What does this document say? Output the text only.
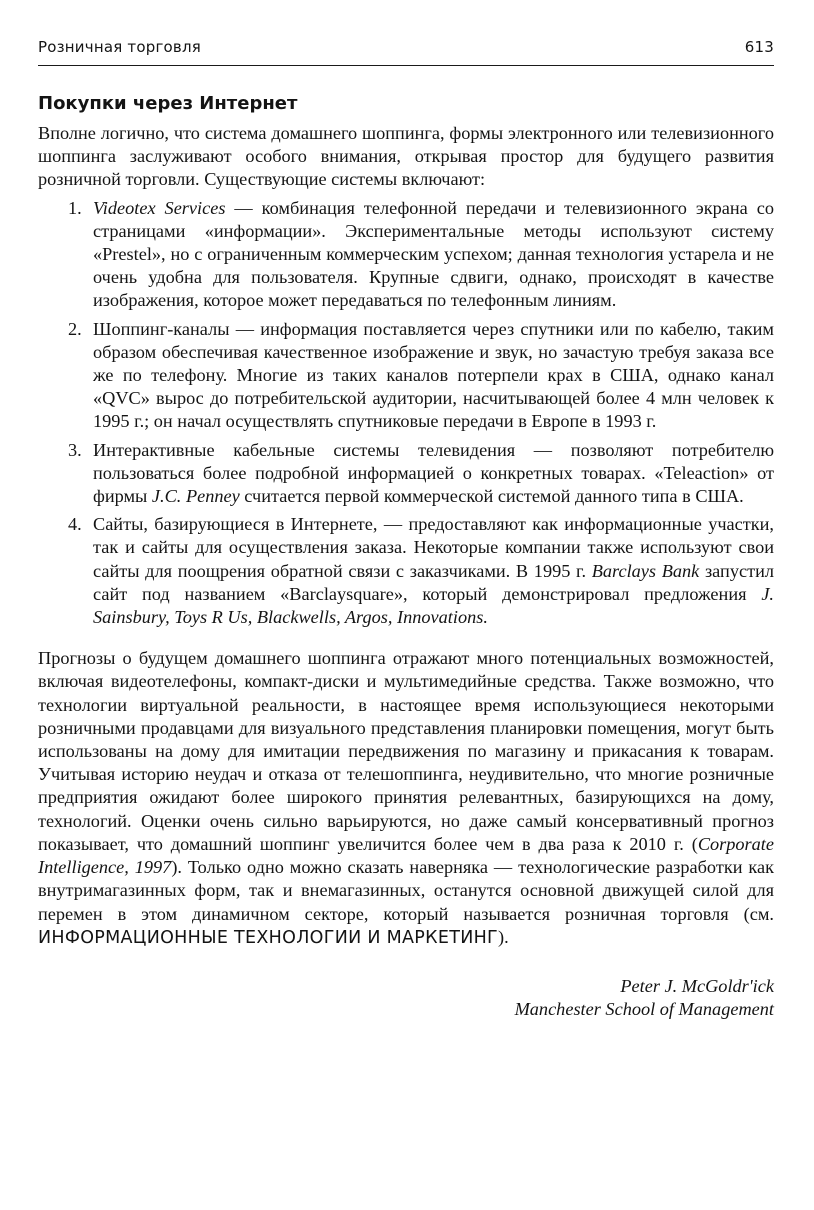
Розничная торговля	613
Покупки через Интернет

Вполне логично, что система домашнего шоппинга, формы электронного или телевизионного шоппинга заслуживают особого внимания, открывая простор для будущего развития розничной торговли. Существующие системы включают:

1. Videotex Services — комбинация телефонной передачи и телевизионного экрана со страницами «информации». Экспериментальные методы используют систему «Prestel», но с ограниченным коммерческим успехом; данная технология устарела и не очень удобна для пользователя. Крупные сдвиги, однако, происходят в качестве изображения, которое может передаваться по телефонным линиям.
2. Шоппинг-каналы — информация поставляется через спутники или по кабелю, таким образом обеспечивая качественное изображение и звук, но зачастую требуя заказа все же по телефону. Многие из таких каналов потерпели крах в США, однако канал «QVC» вырос до потребительской аудитории, насчитывающей более 4 млн человек к 1995 г.; он начал осуществлять спутниковые передачи в Европе в 1993 г.
3. Интерактивные кабельные системы телевидения — позволяют потребителю пользоваться более подробной информацией о конкретных товарах. «Teleaction» от фирмы J.C. Penney считается первой коммерческой системой данного типа в США.
4. Сайты, базирующиеся в Интернете, — предоставляют как информационные участки, так и сайты для осуществления заказа. Некоторые компании также используют свои сайты для поощрения обратной связи с заказчиками. В 1995 г. Barclays Bank запустил сайт под названием «Barclaysquare», который демонстрировал предложения J. Sainsbury, Toys R Us, Blackwells, Argos, Innovations.

Прогнозы о будущем домашнего шоппинга отражают много потенциальных возможностей, включая видеотелефоны, компакт-диски и мультимедийные средства. Также возможно, что технологии виртуальной реальности, в настоящее время использующиеся некоторыми розничными продавцами для визуального представления планировки помещения, могут быть использованы на дому для имитации передвижения по магазину и прикасания к товарам. Учитывая историю неудач и отказа от телешоппинга, неудивительно, что многие розничные предприятия ожидают более широкого принятия релевантных, базирующихся на дому, технологий. Оценки очень сильно варьируются, но даже самый консервативный прогноз показывает, что домашний шоппинг увеличится более чем в два раза к 2010 г. (Corporate Intelligence, 1997). Только одно можно сказать наверняка — технологические разработки как внутримагазинных форм, так и внемагазинных, останутся основной движущей силой для перемен в этом динамичном секторе, который называется розничная торговля (см. ИНФОРМАЦИОННЫЕ ТЕХНОЛОГИИ И МАРКЕТИНГ).

Peter J. McGoldr'ick
Manchester School of Management
